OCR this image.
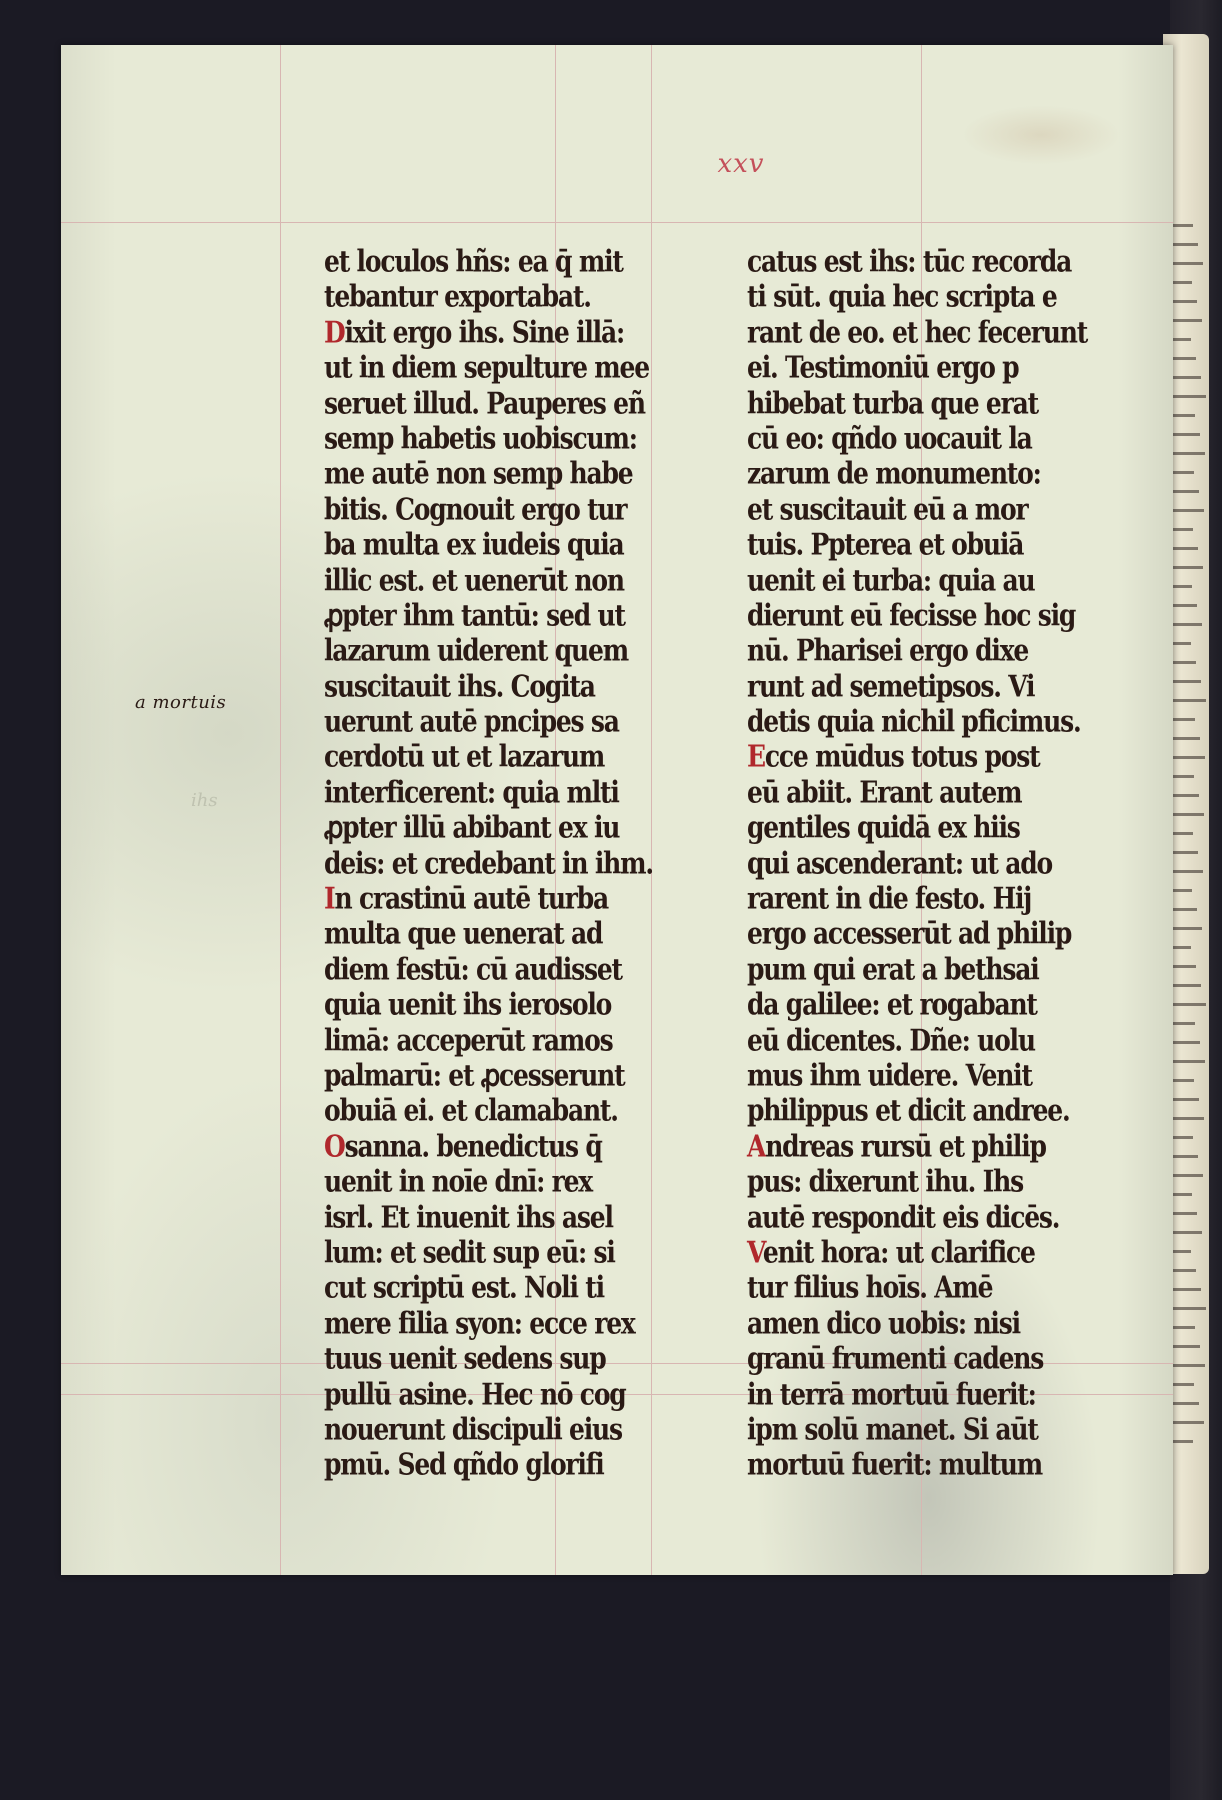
xxv
a mortuis
ihs
et loculos hñs: ea q̄ mit
tebantur exportabat.
Dixit ergo ihs. Sine illā:
ut in diem sepulture mee
seruet illud. Pauperes eñ
semp habetis uobiscum:
me autē non semp habe
bitis. Cognouit ergo tur
ba multa ex iudeis quia
illic est. et uenerūt non
ꝓpter ihm tantū: sed ut
lazarum uiderent quem
suscitauit ihs. Cogita
uerunt autē pncipes sa
cerdotū ut et lazarum
interficerent: quia mlti
ꝓpter illū abibant ex iu
deis: et credebant in ihm.
In crastinū autē turba
multa que uenerat ad
diem festū: cū audisset
quia uenit ihs ierosolo
limā: acceperūt ramos
palmarū: et ꝓcesserunt
obuiā ei. et clamabant.
Osanna. benedictus q̄
uenit in noīe dnī: rex
isrl. Et inuenit ihs asel
lum: et sedit sup eū: si
cut scriptū est. Noli ti
mere filia syon: ecce rex
tuus uenit sedens sup
pullū asine. Hec nō cog
nouerunt discipuli eius
pmū. Sed qñdo glorifi
catus est ihs: tūc recorda
ti sūt. quia hec scripta e
rant de eo. et hec fecerunt
ei. Testimoniū ergo p
hibebat turba que erat
cū eo: qñdo uocauit la
zarum de monumento:
et suscitauit eū a mor
tuis. Ppterea et obuiā
uenit ei turba: quia au
dierunt eū fecisse hoc sig
nū. Pharisei ergo dixe
runt ad semetipsos. Vi
detis quia nichil pficimus.
Ecce mūdus totus post
eū abiit. Erant autem
gentiles quidā ex hiis
qui ascenderant: ut ado
rarent in die festo. Hij
ergo accesserūt ad philip
pum qui erat a bethsai
da galilee: et rogabant
eū dicentes. Dñe: uolu
mus ihm uidere. Venit
philippus et dicit andree.
Andreas rursū et philip
pus: dixerunt ihu. Ihs
autē respondit eis dicēs.
Venit hora: ut clarifice
tur filius hoīs. Amē
amen dico uobis: nisi
granū frumenti cadens
in terrā mortuū fuerit:
ipm solū manet. Si aūt
mortuū fuerit: multum
